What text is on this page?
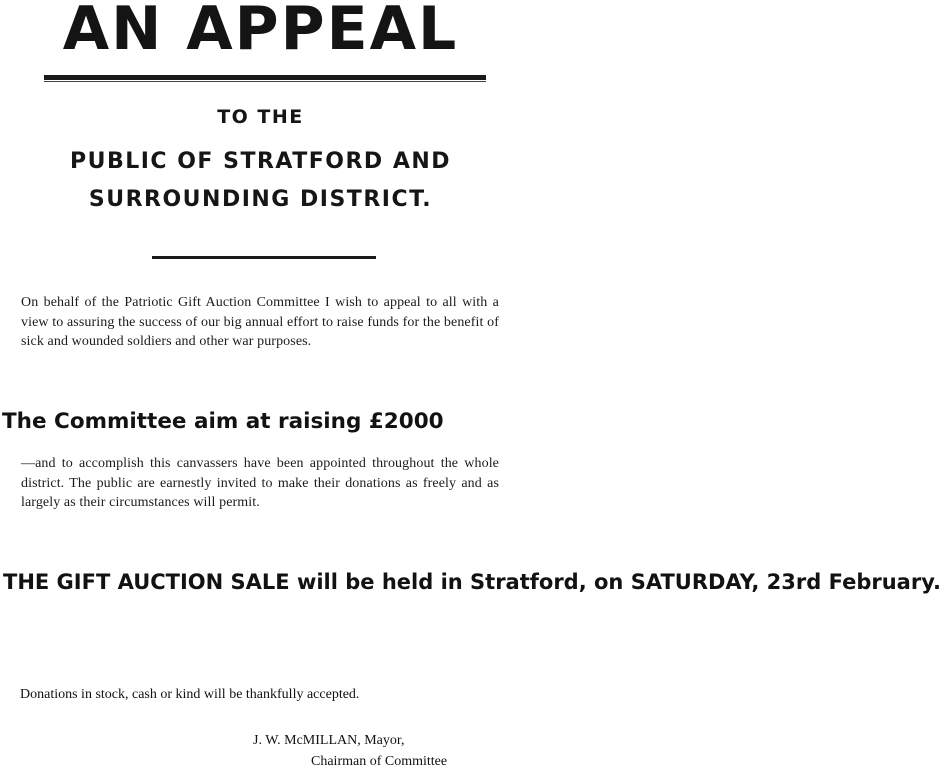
AN APPEAL
TO THE
PUBLIC OF STRATFORD AND
SURROUNDING DISTRICT.
On behalf of the Patriotic Gift Auction Committee I wish to appeal to all with a view to assuring the success of our big annual effort to raise funds for the benefit of sick and wounded soldiers and other war purposes.
The Committee aim at raising £2000
—and to accomplish this canvassers have been appointed throughout the whole district. The public are earnestly invited to make their donations as freely and as largely as their circumstances will permit.
THE GIFT AUCTION SALE will be held in Stratford, on SATURDAY, 23rd February.
Donations in stock, cash or kind will be thankfully accepted.
J. W. McMILLAN, Mayor,
Chairman of Committee
